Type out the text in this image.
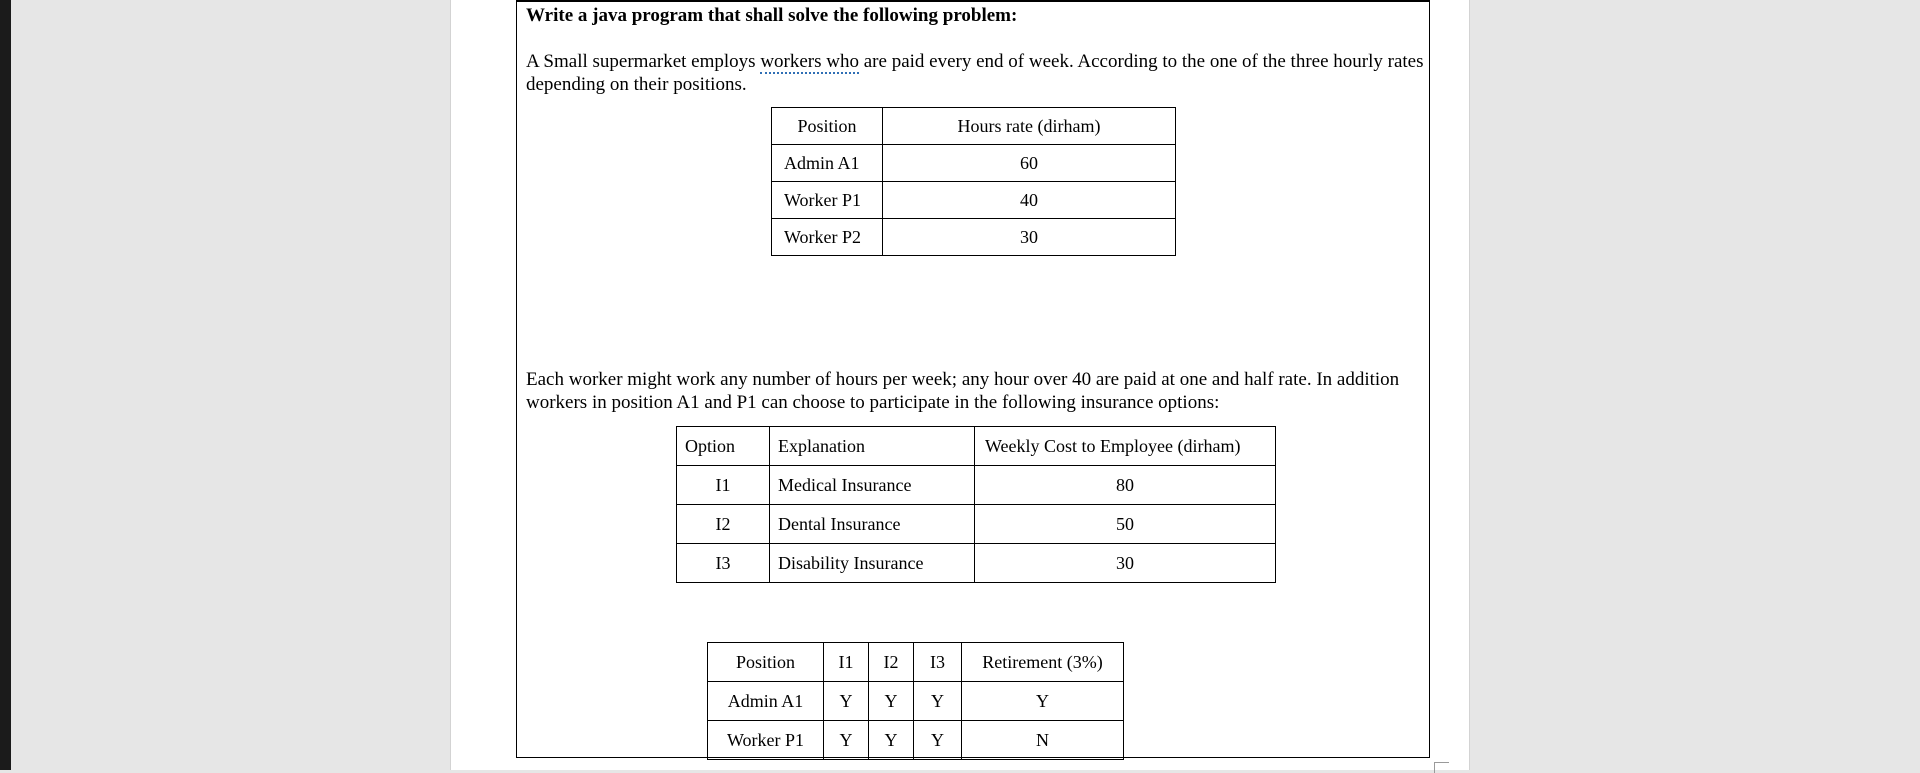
Write a java program that shall solve the following problem:
A Small supermarket employs workers who are paid every end of week. According to the one of the three hourly rates depending on their positions.
Position	Hours rate (dirham)
Admin A1	60
Worker P1	40
Worker P2	30
Each worker might work any number of hours per week; any hour over 40 are paid at one and half rate. In addition workers in position A1 and P1 can choose to participate in the following insurance options:
Option	Explanation	Weekly Cost to Employee (dirham)
I1	Medical Insurance	80
I2	Dental Insurance	50
I3	Disability Insurance	30
Position	I1	I2	I3	Retirement (3%)
Admin A1	Y	Y	Y	Y
Worker P1	Y	Y	Y	N
